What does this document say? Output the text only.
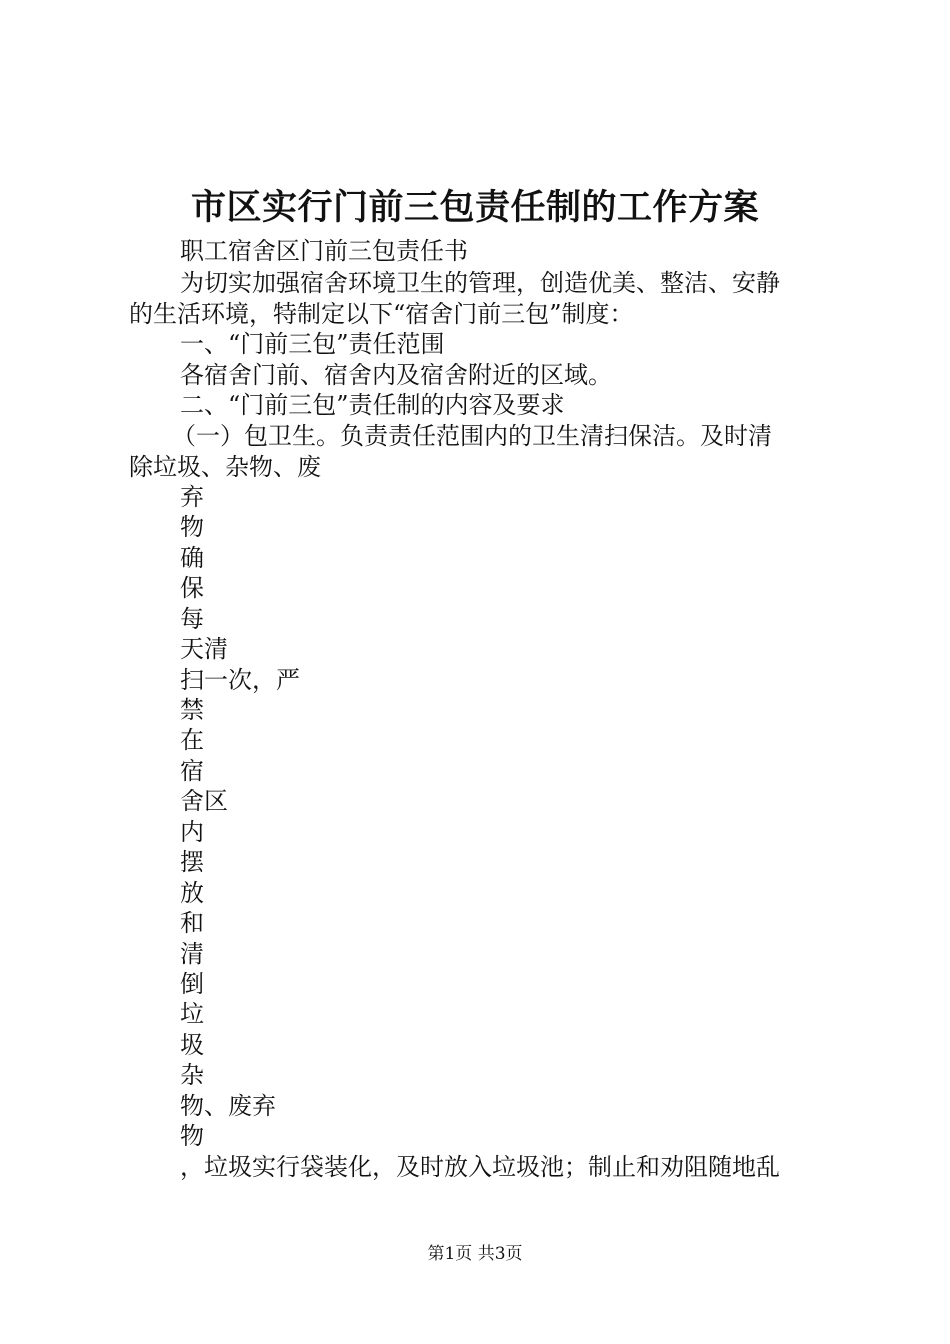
市区实行门前三包责任制的工作方案
职工宿舍区门前三包责任书
为切实加强宿舍环境卫生的管理，创造优美、整洁、安静
的生活环境，特制定以下“宿舍门前三包”制度：
一、“门前三包”责任范围
各宿舍门前、宿舍内及宿舍附近的区域。
二、“门前三包”责任制的内容及要求
（一）包卫生。负责责任范围内的卫生清扫保洁。及时清
除垃圾、杂物、废
弃
物
确
保
每
天清
扫一次，严
禁
在
宿
舍区
内
摆
放
和
清
倒
垃
圾
杂
物、废弃
物
，垃圾实行袋装化，及时放入垃圾池；制止和劝阻随地乱
第1页 共3页
